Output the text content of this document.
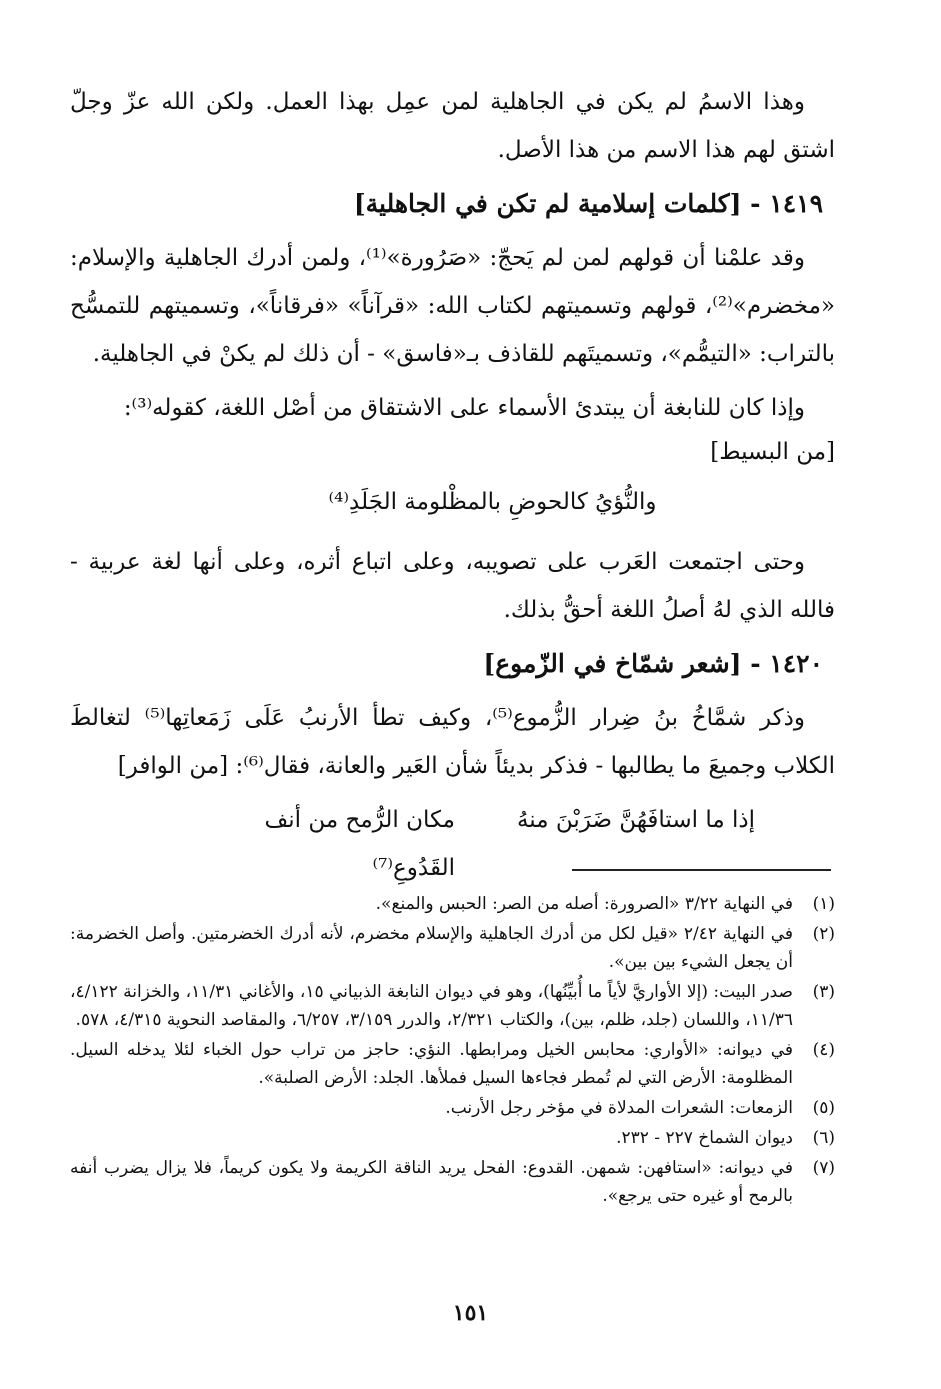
وهذا الاسمُ لم يكن في الجاهلية لمن عمِل بهذا العمل. ولكن الله عزّ وجلّ اشتق لهم هذا الاسم من هذا الأصل.

١٤١٩ - [كلمات إسلامية لم تكن في الجاهلية]

وقد علمْنا أن قولهم لمن لم يَحجّ: «صَرُورة»⁽¹⁾، ولمن أدرك الجاهلية والإسلام: «مخضرم»⁽²⁾، قولهم وتسميتهم لكتاب الله: «قرآناً» «فرقاناً»، وتسميتهم للتمسُّح بالتراب: «التيمُّم»، وتسميتَهم للقاذف بـ«فاسق» - أن ذلك لم يكنْ في الجاهلية.

وإذا كان للنابغة أن يبتدئ الأسماء على الاشتقاق من أصْل اللغة، كقوله⁽³⁾:

[من البسيط]
والنُّؤيُ كالحوضِ بالمظْلومة الجَلَدِ⁽⁴⁾

وحتى اجتمعت العَرب على تصويبه، وعلى اتباع أثره، وعلى أنها لغة عربية - فالله الذي لهُ أصلُ اللغة أحقُّ بذلك.

١٤٢٠ - [شعر شمّاخ في الزّموع]

وذكر شمَّاخُ بنُ ضِرار الزُّموع⁽⁵⁾، وكيف تطأ الأرنبُ عَلَى زَمَعاتِها⁽⁵⁾ لتغالطَ الكلاب وجميعَ ما يطالبها - فذكر بديئاً شأن العَير والعانة، فقال⁽⁶⁾: [من الوافر]

إذا ما استافَهُنَّ ضَرَبْنَ منهُ
مكان الرُّمح من أنف القَدُوعِ⁽⁷⁾
(١)
في النهاية ٣/٢٢ «الصرورة: أصله من الصر: الحبس والمنع».
(٢)
في النهاية ٢/٤٢ «قيل لكل من أدرك الجاهلية والإسلام مخضرم، لأنه أدرك الخضرمتين. وأصل الخضرمة: أن يجعل الشيء بين بين».
(٣)
صدر البيت: (إلا الأواريَّ لأياً ما أُبيِّنُها)، وهو في ديوان النابغة الذبياني ١٥، والأغاني ١١/٣١، والخزانة ٤/١٢٢، ١١/٣٦، واللسان (جلد، ظلم، بين)، والكتاب ٢/٣٢١، والدرر ٣/١٥٩، ٦/٢٥٧، والمقاصد النحوية ٤/٣١٥، ٥٧٨.
(٤)
في ديوانه: «الأواري: محابس الخيل ومرابطها. النؤي: حاجز من تراب حول الخباء لئلا يدخله السيل. المظلومة: الأرض التي لم تُمطر فجاءها السيل فملأها. الجلد: الأرض الصلبة».
(٥)
الزمعات: الشعرات المدلاة في مؤخر رجل الأرنب.
(٦)
ديوان الشماخ ٢٢٧ - ٢٣٢.
(٧)
في ديوانه: «استافهن: شمهن. القدوع: الفحل يريد الناقة الكريمة ولا يكون كريماً، فلا يزال يضرب أنفه بالرمح أو غيره حتى يرجع».
١٥١
